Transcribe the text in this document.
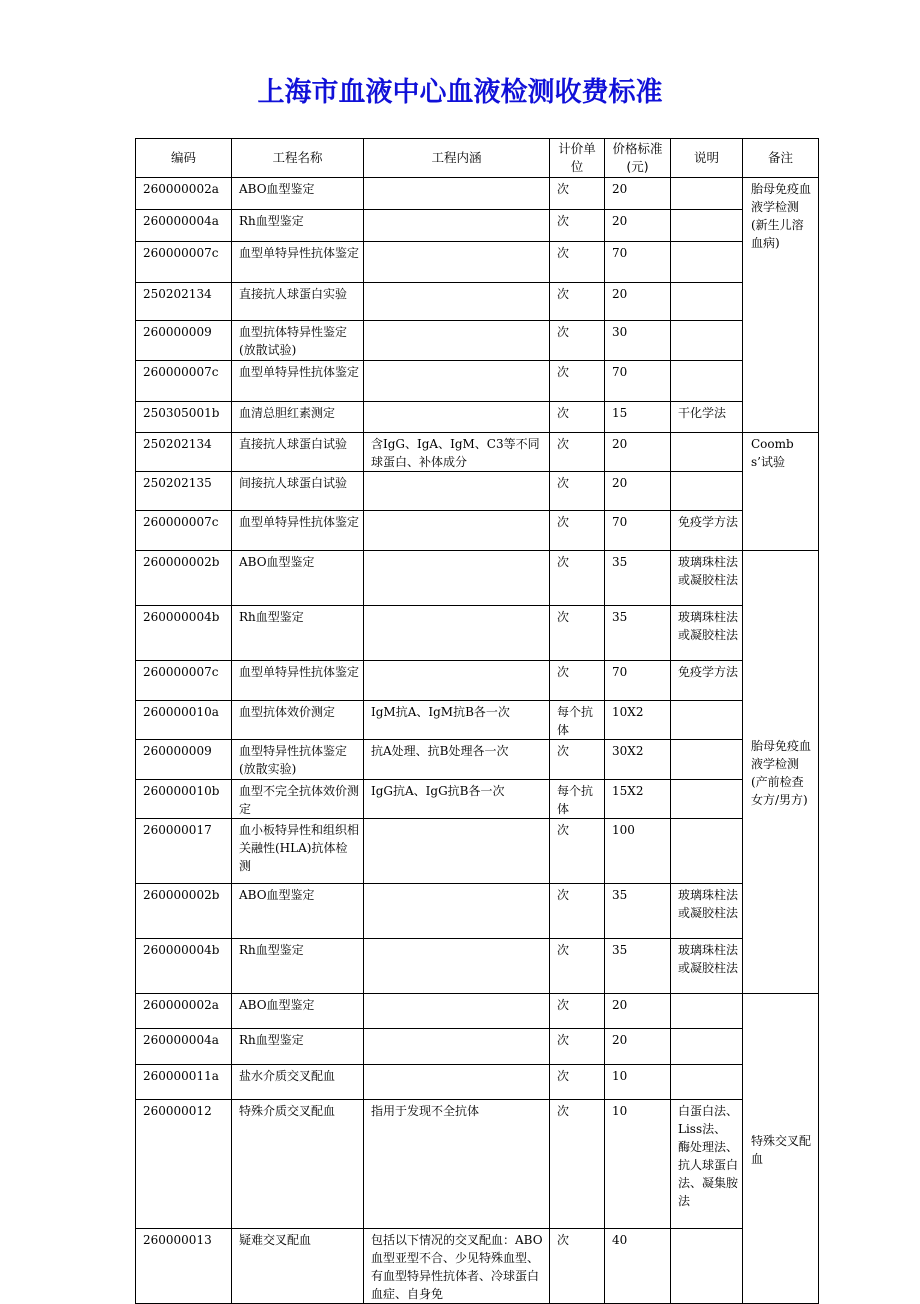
上海市血液中心血液检测收费标准
编码	工程名称	工程内涵	计价单位	价格标准(元)	说明	备注
260000002a	ABO血型鉴定		次	20		胎母免疫血液学检测(新生儿溶血病)
260000004a	Rh血型鉴定		次	20		
260000007c	血型单特异性抗体鉴定		次	70		
250202134	直接抗人球蛋白实验		次	20		
260000009	血型抗体特异性鉴定(放散试验)		次	30		
260000007c	血型单特异性抗体鉴定		次	70		
250305001b	血清总胆红素测定		次	15	干化学法	
250202134	直接抗人球蛋白试验	含IgG、IgA、IgM、C3等不同球蛋白、补体成分	次	20		Coombs’试验
250202135	间接抗人球蛋白试验		次	20		
260000007c	血型单特异性抗体鉴定		次	70	免疫学方法	
260000002b	ABO血型鉴定		次	35	玻璃珠柱法或凝胶柱法	胎母免疫血液学检测(产前检查女方/男方)
260000004b	Rh血型鉴定		次	35	玻璃珠柱法或凝胶柱法	
260000007c	血型单特异性抗体鉴定		次	70	免疫学方法	
260000010a	血型抗体效价测定	IgM抗A、IgM抗B各一次	每个抗体	10X2		
260000009	血型特异性抗体鉴定(放散实验)	抗A处理、抗B处理各一次	次	30X2		
260000010b	血型不完全抗体效价测定	IgG抗A、IgG抗B各一次	每个抗体	15X2		
260000017	血小板特异性和组织相关融性(HLA)抗体检测		次	100		
260000002b	ABO血型鉴定		次	35	玻璃珠柱法或凝胶柱法	
260000004b	Rh血型鉴定		次	35	玻璃珠柱法或凝胶柱法	
260000002a	ABO血型鉴定		次	20		特殊交叉配血
260000004a	Rh血型鉴定		次	20		
260000011a	盐水介质交叉配血		次	10		
260000012	特殊介质交叉配血	指用于发现不全抗体	次	10	白蛋白法、Liss法、酶处理法、抗人球蛋白法、凝集胺法	
260000013	疑难交叉配血	包括以下情况的交叉配血：ABO血型亚型不合、少见特殊血型、有血型特异性抗体者、冷球蛋白血症、自身免	次	40		
